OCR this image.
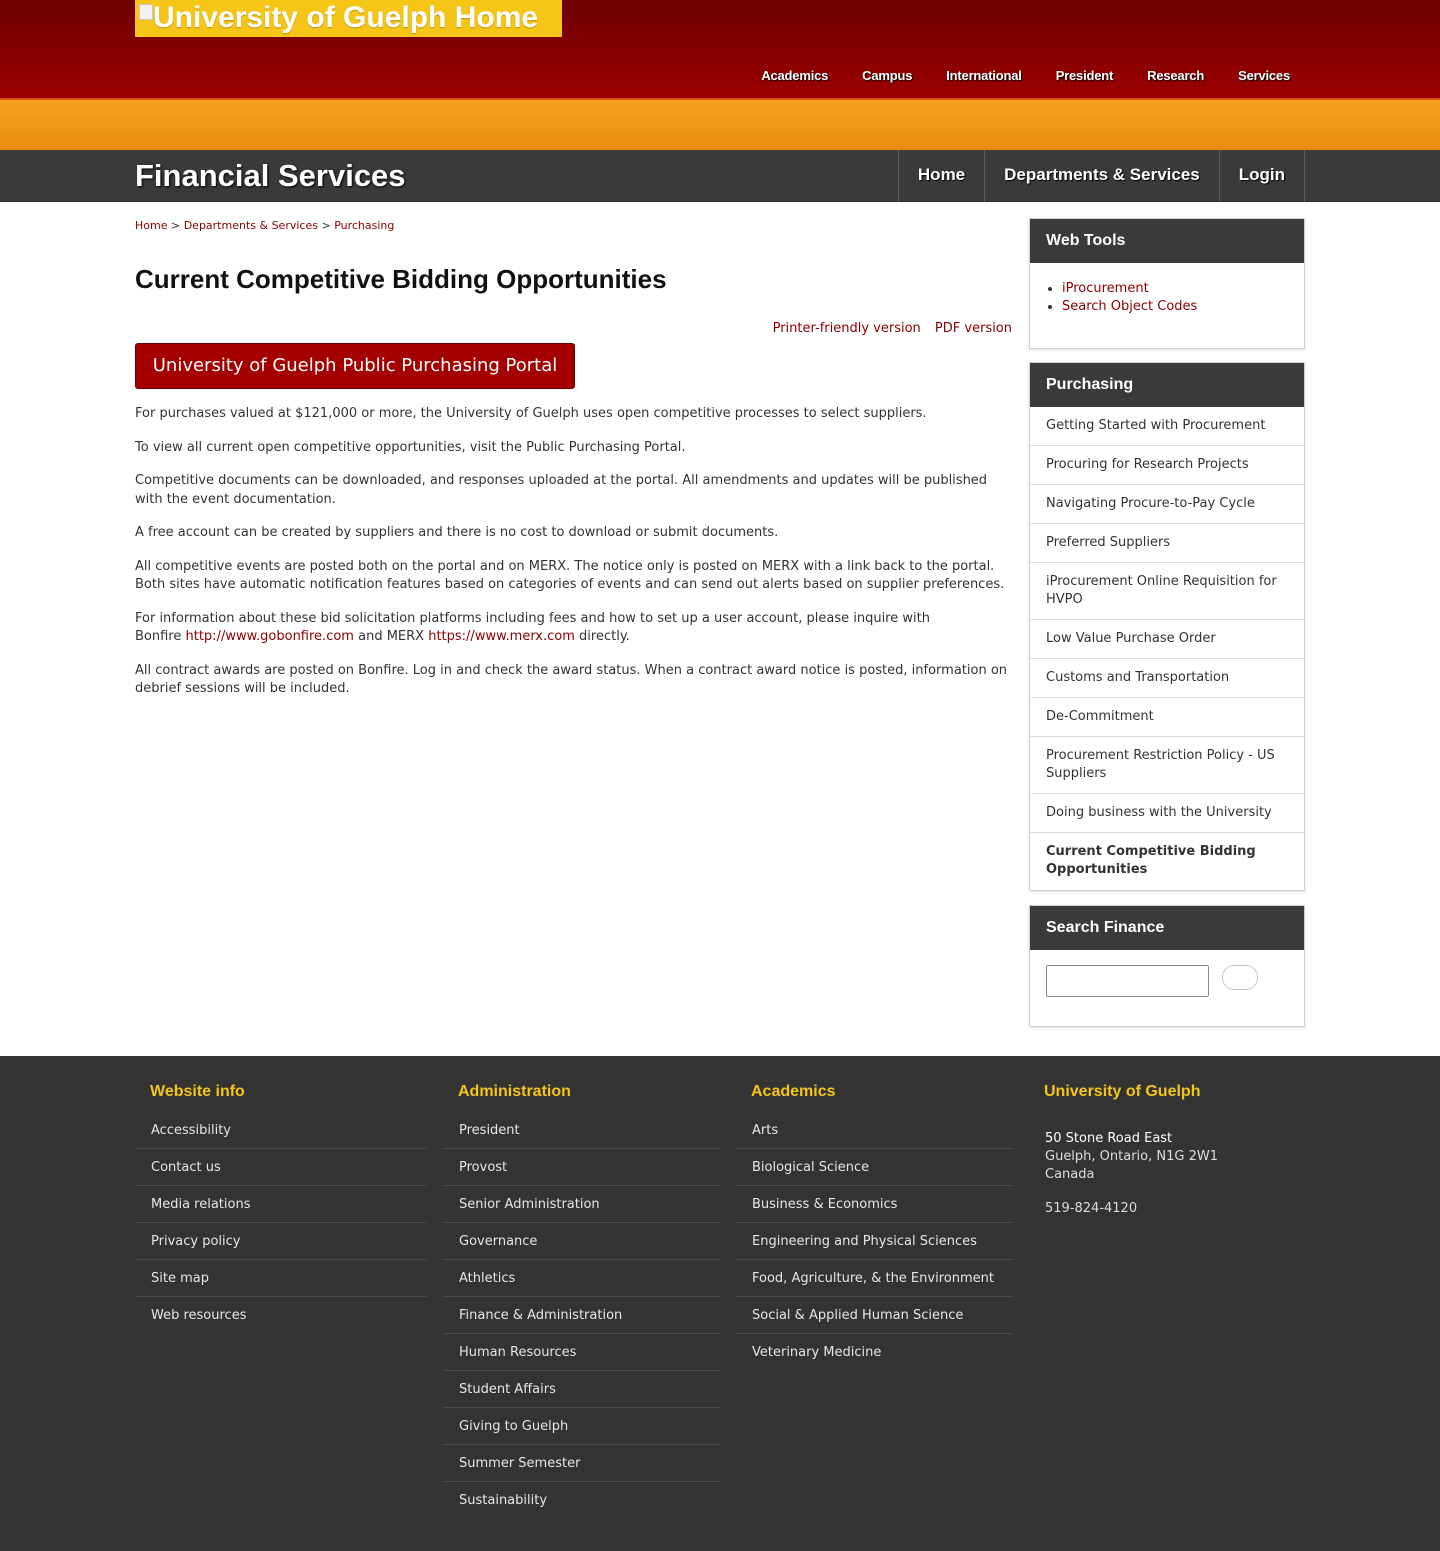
University of Guelph Home
Academics	Campus	International	President	Research	Services
Financial Services	Home	Departments & Services	Login
Home > Departments & Services > Purchasing
Current Competitive Bidding Opportunities
Printer-friendly version PDF version
University of Guelph Public Purchasing Portal

For purchases valued at $121,000 or more, the University of Guelph uses open competitive processes to select suppliers.

To view all current open competitive opportunities, visit the Public Purchasing Portal.

Competitive documents can be downloaded, and responses uploaded at the portal. All amendments and updates will be published with the event documentation.

A free account can be created by suppliers and there is no cost to download or submit documents.

All competitive events are posted both on the portal and on MERX. The notice only is posted on MERX with a link back to the portal. Both sites have automatic notification features based on categories of events and can send out alerts based on supplier preferences.

For information about these bid solicitation platforms including fees and how to set up a user account, please inquire with
Bonfire http://www.gobonfire.com and MERX https://www.merx.com directly.

All contract awards are posted on Bonfire. Log in and check the award status. When a contract award notice is posted, information on debrief sessions will be included.

Web Tools
• iProcurement
• Search Object Codes
Purchasing
Getting Started with Procurement
Procuring for Research Projects
Navigating Procure-to-Pay Cycle
Preferred Suppliers
iProcurement Online Requisition for HVPO
Low Value Purchase Order
Customs and Transportation
De-Commitment
Procurement Restriction Policy - US Suppliers
Doing business with the University
Current Competitive Bidding Opportunities
Search Finance
Website info
Accessibility
Contact us
Media relations
Privacy policy
Site map
Web resources
Administration
President
Provost
Senior Administration
Governance
Athletics
Finance & Administration
Human Resources
Student Affairs
Giving to Guelph
Summer Semester
Sustainability
Academics
Arts
Biological Science
Business & Economics
Engineering and Physical Sciences
Food, Agriculture, & the Environment
Social & Applied Human Science
Veterinary Medicine
University of Guelph
50 Stone Road East
Guelph, Ontario, N1G 2W1
Canada
519-824-4120
